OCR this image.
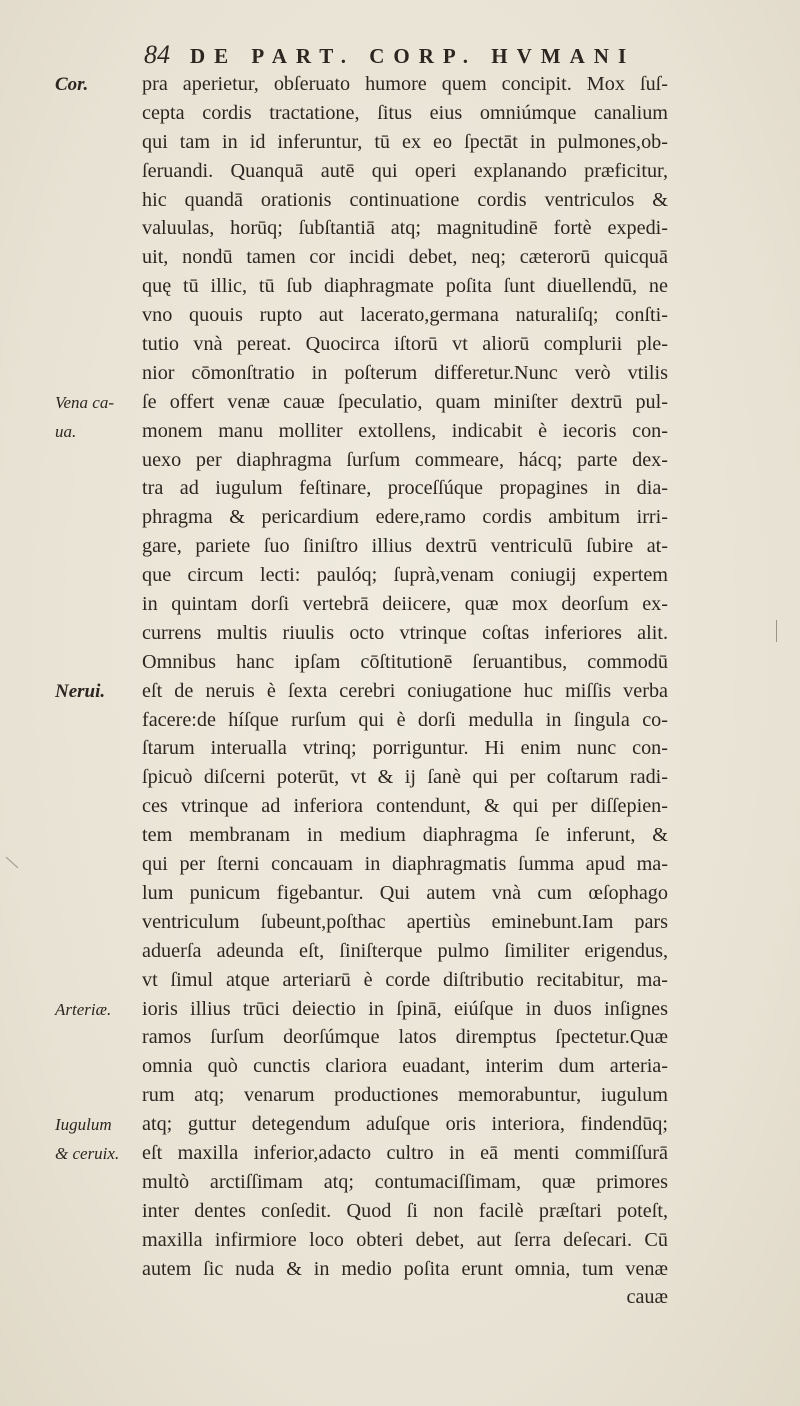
84 DE PART. CORP. HVMANI
pra aperietur, obſeruato humore quem concipit. Mox ſuſ-
cepta cordis tractatione, ſitus eius omniúmque canalium
qui tam in id inferuntur, tū ex eo ſpectāt in pulmones,ob-
ſeruandi. Quanquā autē qui operi explanando præficitur,
hic quandā orationis continuatione cordis ventriculos &
valuulas, horūq; ſubſtantiā atq; magnitudinē fortè expedi-
uit, nondū tamen cor incidi debet, neq; cæterorū quicquā
quę tū illic, tū ſub diaphragmate poſita ſunt diuellendū, ne
vno quouis rupto aut lacerato,germana naturaliſq; conſti-
tutio vnà pereat. Quocirca iſtorū vt aliorū complurii ple-
nior cōmonſtratio in poſterum differetur.Nunc verò vtilis
ſe offert venæ cauæ ſpeculatio, quam miniſter dextrū pul-
monem manu molliter extollens, indicabit è iecoris con-
uexo per diaphragma ſurſum commeare, hácq; parte dex-
tra ad iugulum feſtinare, proceſſúque propagines in dia-
phragma & pericardium edere,ramo cordis ambitum irri-
gare, pariete ſuo ſiniſtro illius dextrū ventriculū ſubire at-
que circum lecti: paulóq; ſuprà,venam coniugij expertem
in quintam dorſi vertebrā deiicere, quæ mox deorſum ex-
currens multis riuulis octo vtrinque coſtas inferiores alit.
Omnibus hanc ipſam cōſtitutionē ſeruantibus, commodū
eſt de neruis è ſexta cerebri coniugatione huc miſſis verba
facere:de híſque rurſum qui è dorſi medulla in ſingula co-
ſtarum interualla vtrinq; porriguntur. Hi enim nunc con-
ſpicuò diſcerni poterūt, vt & ij ſanè qui per coſtarum radi-
ces vtrinque ad inferiora contendunt, & qui per diſſepien-
tem membranam in medium diaphragma ſe inferunt, &
qui per ſterni concauam in diaphragmatis ſumma apud ma-
lum punicum figebantur. Qui autem vnà cum œſophago
ventriculum ſubeunt,poſthac apertiùs eminebunt.Iam pars
aduerſa adeunda eſt, ſiniſterque pulmo ſimiliter erigendus,
vt ſimul atque arteriarū è corde diſtributio recitabitur, ma-
ioris illius trūci deiectio in ſpinā, eiúſque in duos inſignes
ramos ſurſum deorſúmque latos diremptus ſpectetur.Quæ
omnia quò cunctis clariora euadant, interim dum arteria-
rum atq; venarum productiones memorabuntur, iugulum
atq; guttur detegendum aduſque oris interiora, findendūq;
eſt maxilla inferior,adacto cultro in eā menti commiſſurā
multò arctiſſimam atq; contumaciſſimam, quæ primores
inter dentes conſedit. Quod ſi non facilè præſtari poteſt,
maxilla infirmiore loco obteri debet, aut ſerra deſecari. Cū
autem ſic nuda & in medio poſita erunt omnia, tum venæ
cauæ
Cor.
Vena ca-
ua.
Nerui.
Arteriæ.
Iugulum
& ceruix.
